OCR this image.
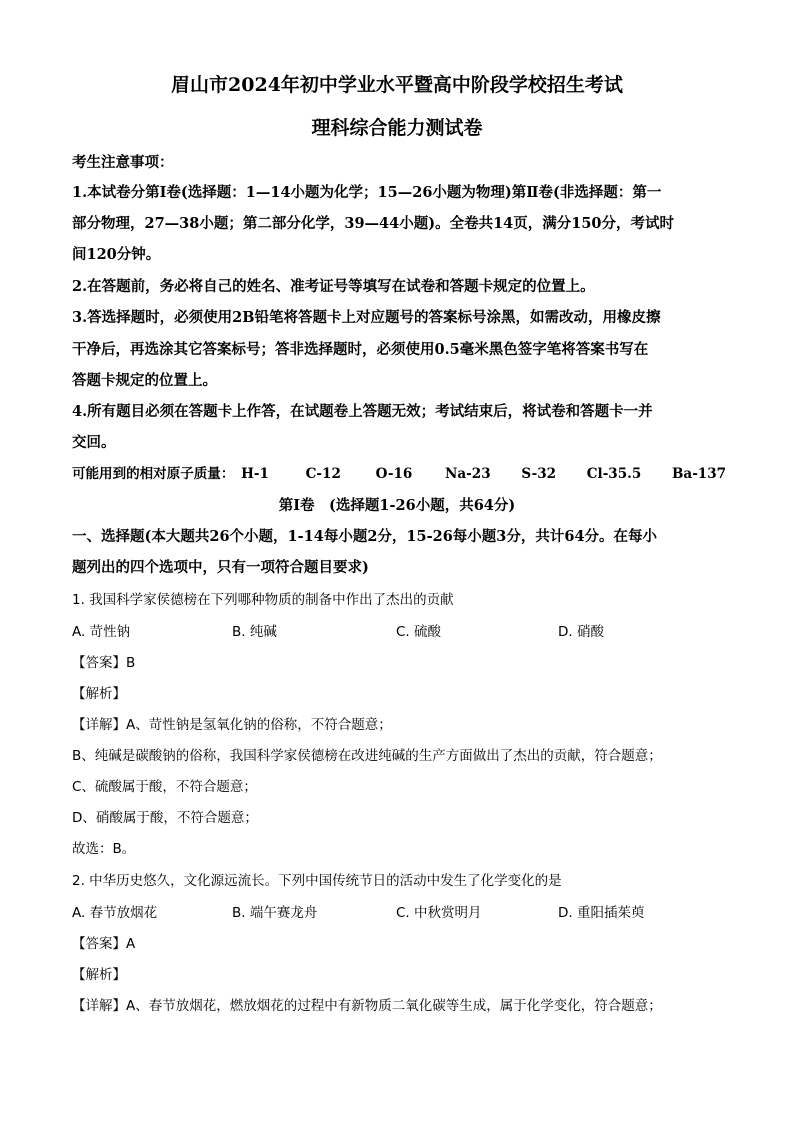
眉山市2024年初中学业水平暨高中阶段学校招生考试
理科综合能力测试卷
考生注意事项：
1.本试卷分第Ⅰ卷(选择题：1—14小题为化学；15—26小题为物理)第Ⅱ卷(非选择题：第一
部分物理，27—38小题；第二部分化学，39—44小题)。全卷共14页，满分150分，考试时
间120分钟。
2.在答题前，务必将自己的姓名、准考证号等填写在试卷和答题卡规定的位置上。
3.答选择题时，必须使用2B铅笔将答题卡上对应题号的答案标号涂黑，如需改动，用橡皮擦
干净后，再选涂其它答案标号；答非选择题时，必须使用0.5毫米黑色签字笔将答案书写在
答题卡规定的位置上。
4.所有题目必须在答题卡上作答，在试题卷上答题无效；考试结束后，将试卷和答题卡一并
交回。
可能用到的相对原子质量： H-1	C-12	O-16 Na-23 S-32 Cl-35.5 Ba-137
第Ⅰ卷　(选择题1-26小题，共64分)
一、选择题(本大题共26个小题，1-14每小题2分，15-26每小题3分，共计64分。在每小
题列出的四个选项中，只有一项符合题目要求)
1. 我国科学家侯德榜在下列哪种物质的制备中作出了杰出的贡献
A. 苛性钠	B. 纯碱	C. 硫酸	D. 硝酸
【答案】B
【解析】
【详解】A、苛性钠是氢氧化钠的俗称，不符合题意；
B、纯碱是碳酸钠的俗称，我国科学家侯德榜在改进纯碱的生产方面做出了杰出的贡献，符合题意；
C、硫酸属于酸，不符合题意；
D、硝酸属于酸，不符合题意；
故选：B。
2. 中华历史悠久，文化源远流长。下列中国传统节日的活动中发生了化学变化的是
A. 春节放烟花	B. 端午赛龙舟	C. 中秋赏明月	D. 重阳插茱萸
【答案】A
【解析】
【详解】A、春节放烟花，燃放烟花的过程中有新物质二氧化碳等生成，属于化学变化，符合题意；
